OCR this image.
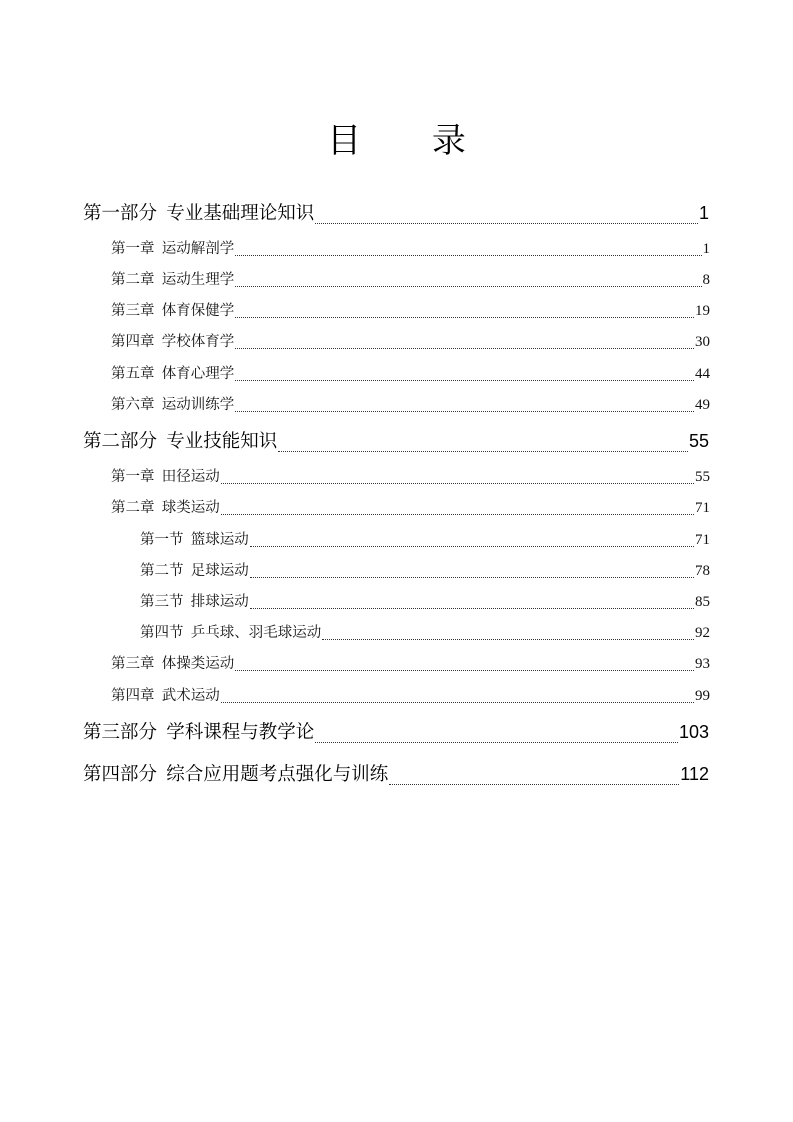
目 录
第一部分 专业基础理论知识	1
第一章 运动解剖学	1
第二章 运动生理学	8
第三章 体育保健学	19
第四章 学校体育学	30
第五章 体育心理学	44
第六章 运动训练学	49
第二部分 专业技能知识	55
第一章 田径运动	55
第二章 球类运动	71
第一节 篮球运动	71
第二节 足球运动	78
第三节 排球运动	85
第四节 乒乓球、羽毛球运动	92
第三章 体操类运动	93
第四章 武术运动	99
第三部分 学科课程与教学论	103
第四部分 综合应用题考点强化与训练	112
